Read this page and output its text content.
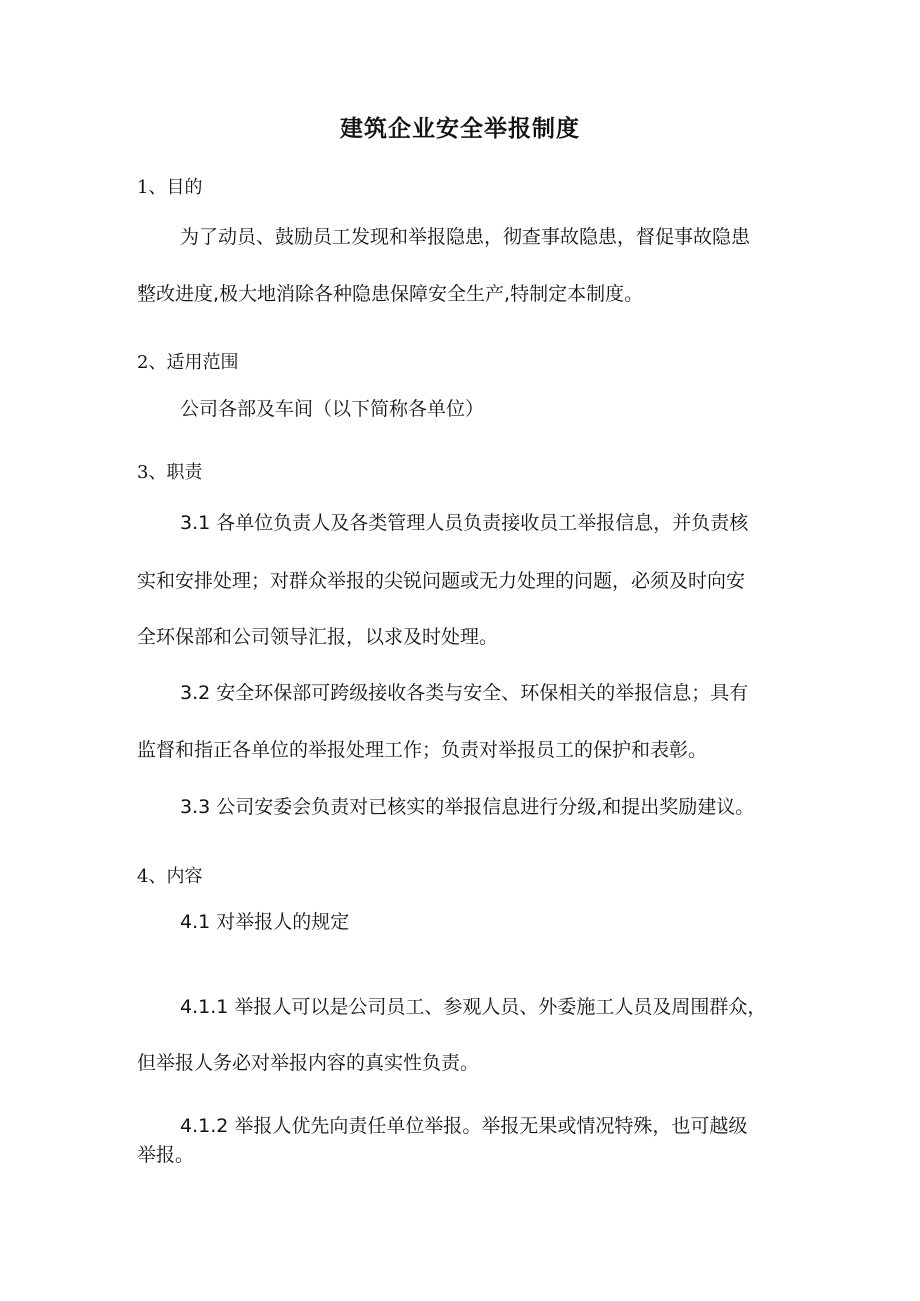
建筑企业安全举报制度
1、目的
为了动员、鼓励员工发现和举报隐患，彻查事故隐患，督促事故隐患
整改进度,极大地消除各种隐患保障安全生产,特制定本制度。
2、适用范围
公司各部及车间（以下简称各单位）
3、职责
3.1 各单位负责人及各类管理人员负责接收员工举报信息，并负责核
实和安排处理；对群众举报的尖锐问题或无力处理的问题，必须及时向安
全环保部和公司领导汇报，以求及时处理。
3.2 安全环保部可跨级接收各类与安全、环保相关的举报信息；具有
监督和指正各单位的举报处理工作；负责对举报员工的保护和表彰。
3.3 公司安委会负责对已核实的举报信息进行分级,和提出奖励建议。
4、内容
4.1 对举报人的规定
4.1.1 举报人可以是公司员工、参观人员、外委施工人员及周围群众，
但举报人务必对举报内容的真实性负责。
4.1.2 举报人优先向责任单位举报。举报无果或情况特殊，也可越级
举报。
